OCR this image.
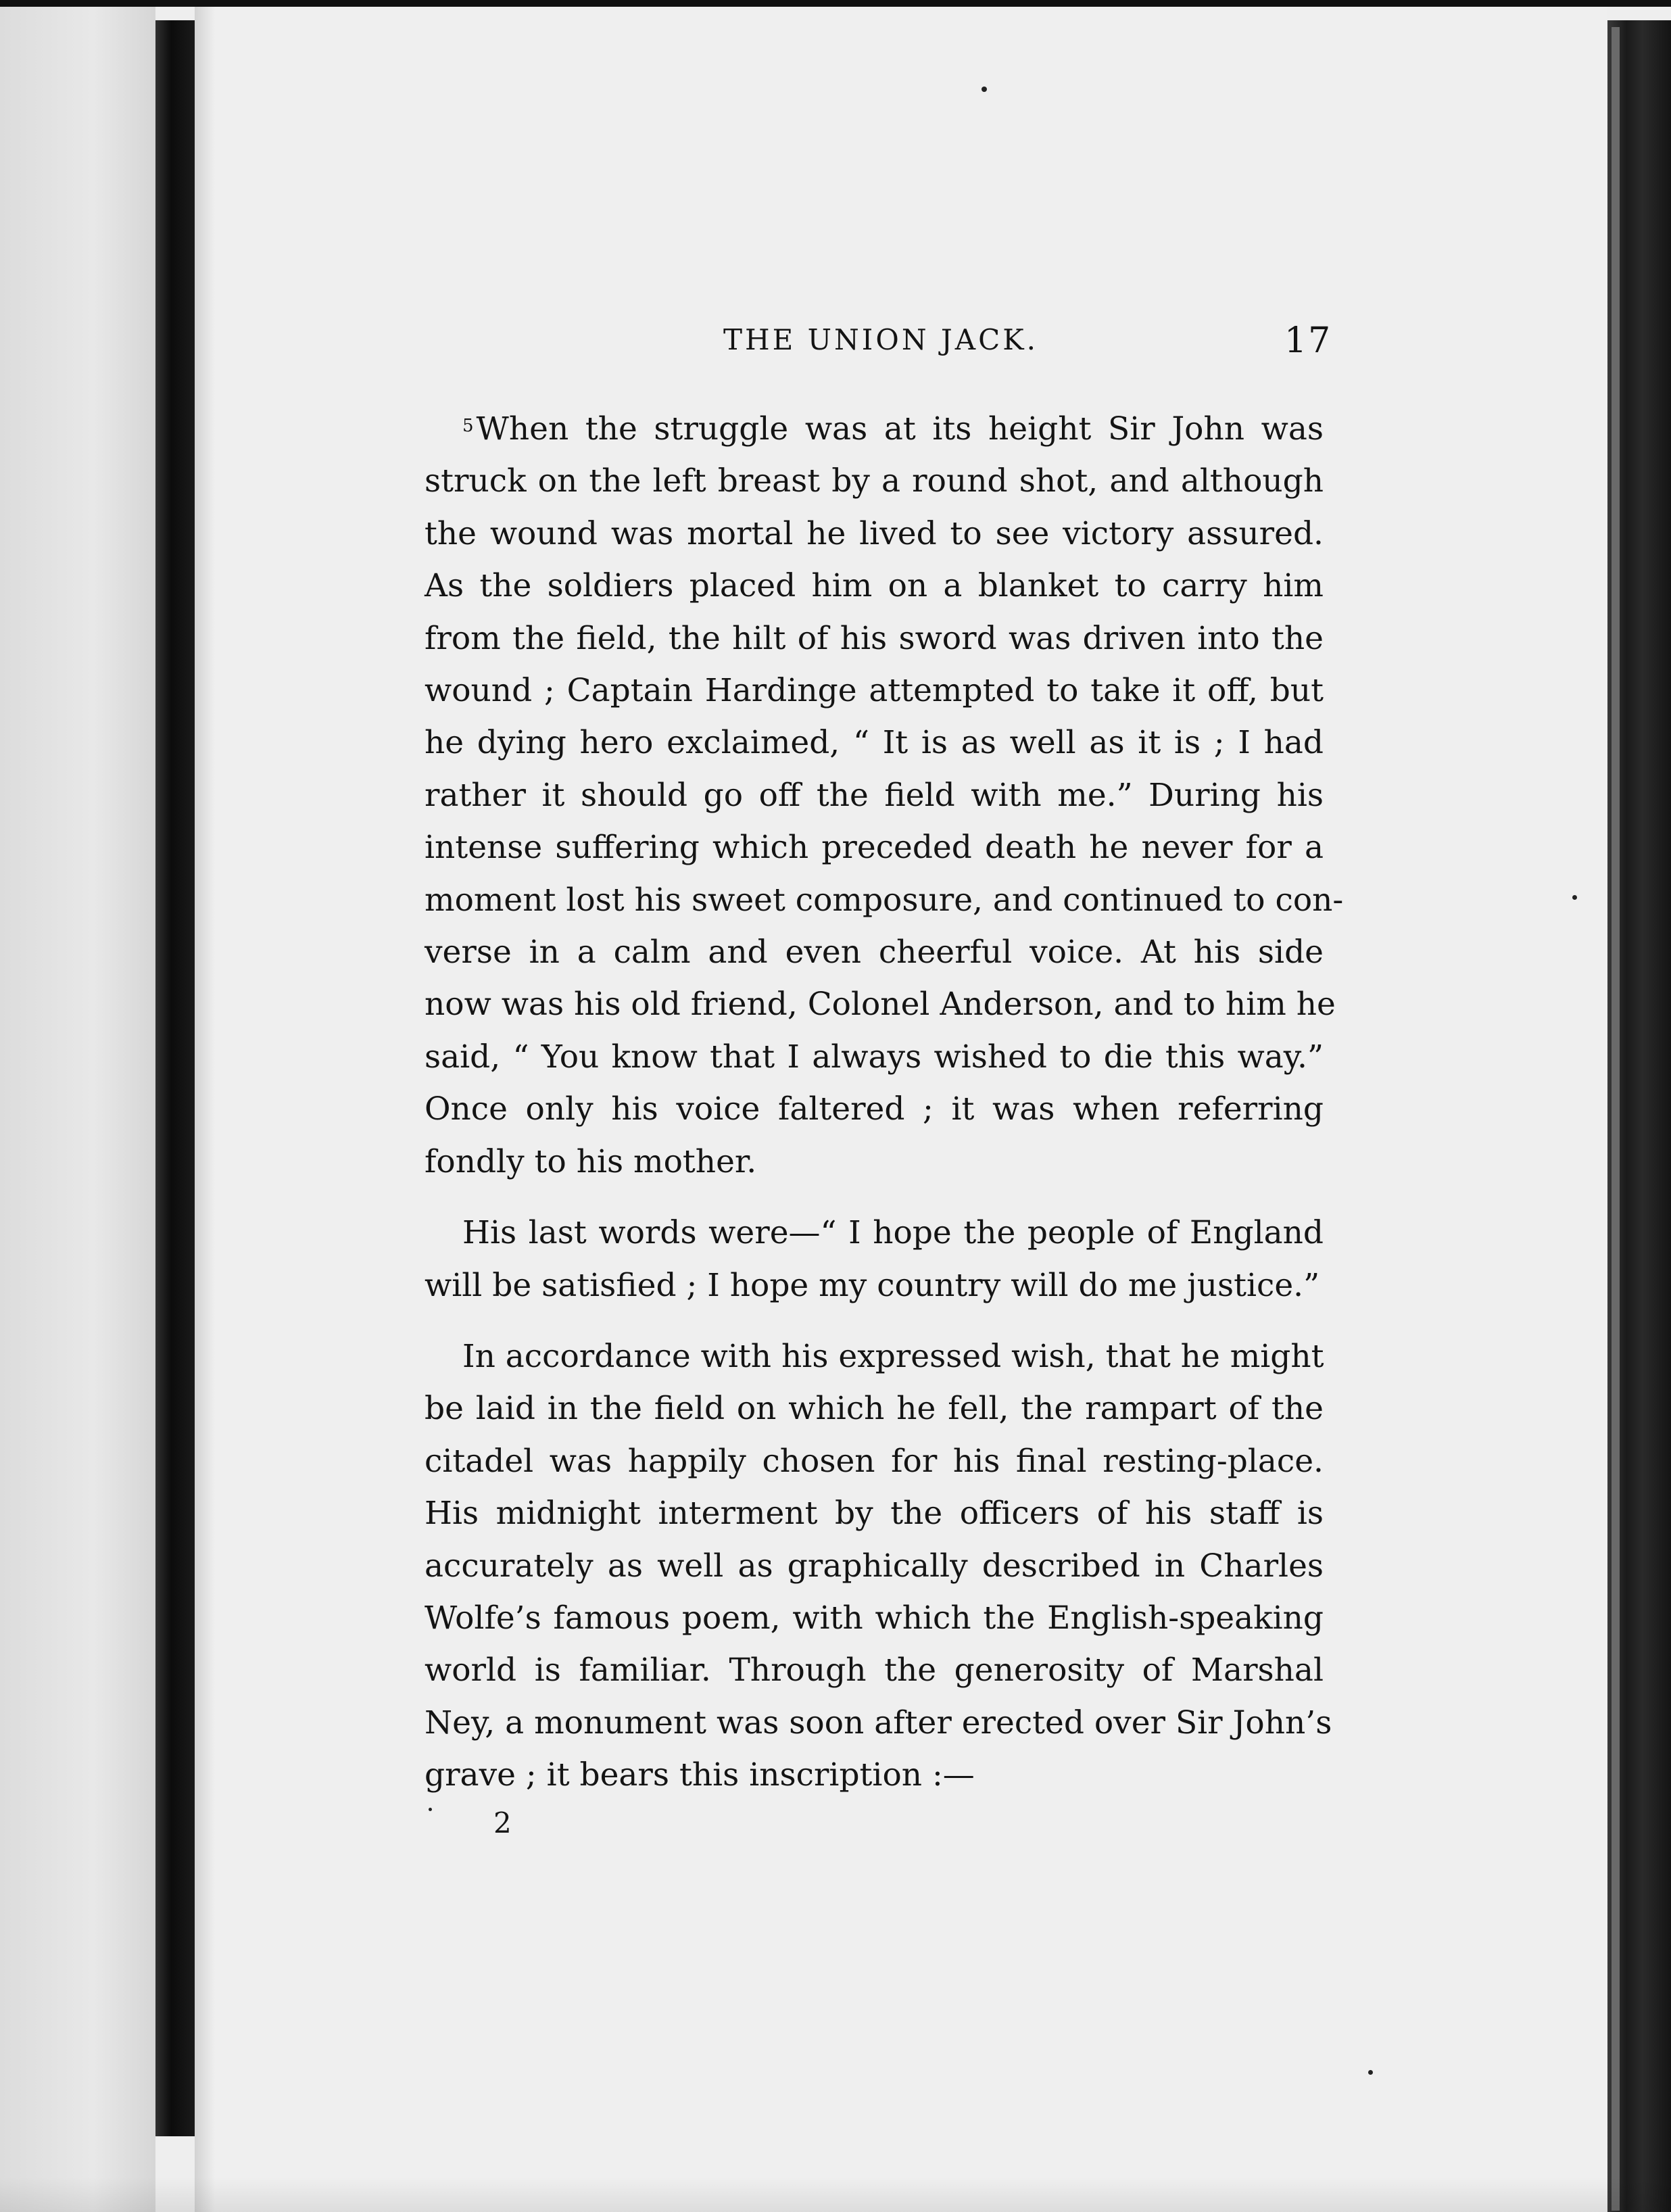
THE UNION JACK.	17

$^5$When the struggle was at its height Sir John was
struck on the left breast by a round shot, and although
the wound was mortal he lived to see victory assured.
As the soldiers placed him on a blanket to carry him
from the field, the hilt of his sword was driven into the
wound ; Captain Hardinge attempted to take it off, but
he dying hero exclaimed, “ It is as well as it is ; I had
rather it should go off the field with me.” During his
intense suffering which preceded death he never for a
moment lost his sweet composure, and continued to con-
verse in a calm and even cheerful voice. At his side
now was his old friend, Colonel Anderson, and to him he
said, “ You know that I always wished to die this way.”
Once only his voice faltered ; it was when referring
fondly to his mother.

His last words were—“ I hope the people of England
will be satisfied ; I hope my country will do me justice.”

In accordance with his expressed wish, that he might
be laid in the field on which he fell, the rampart of the
citadel was happily chosen for his final resting-place.
His midnight interment by the officers of his staff is
accurately as well as graphically described in Charles
Wolfe’s famous poem, with which the English-speaking
world is familiar. Through the generosity of Marshal
Ney, a monument was soon after erected over Sir John’s
grave ; it bears this inscription :—

2
